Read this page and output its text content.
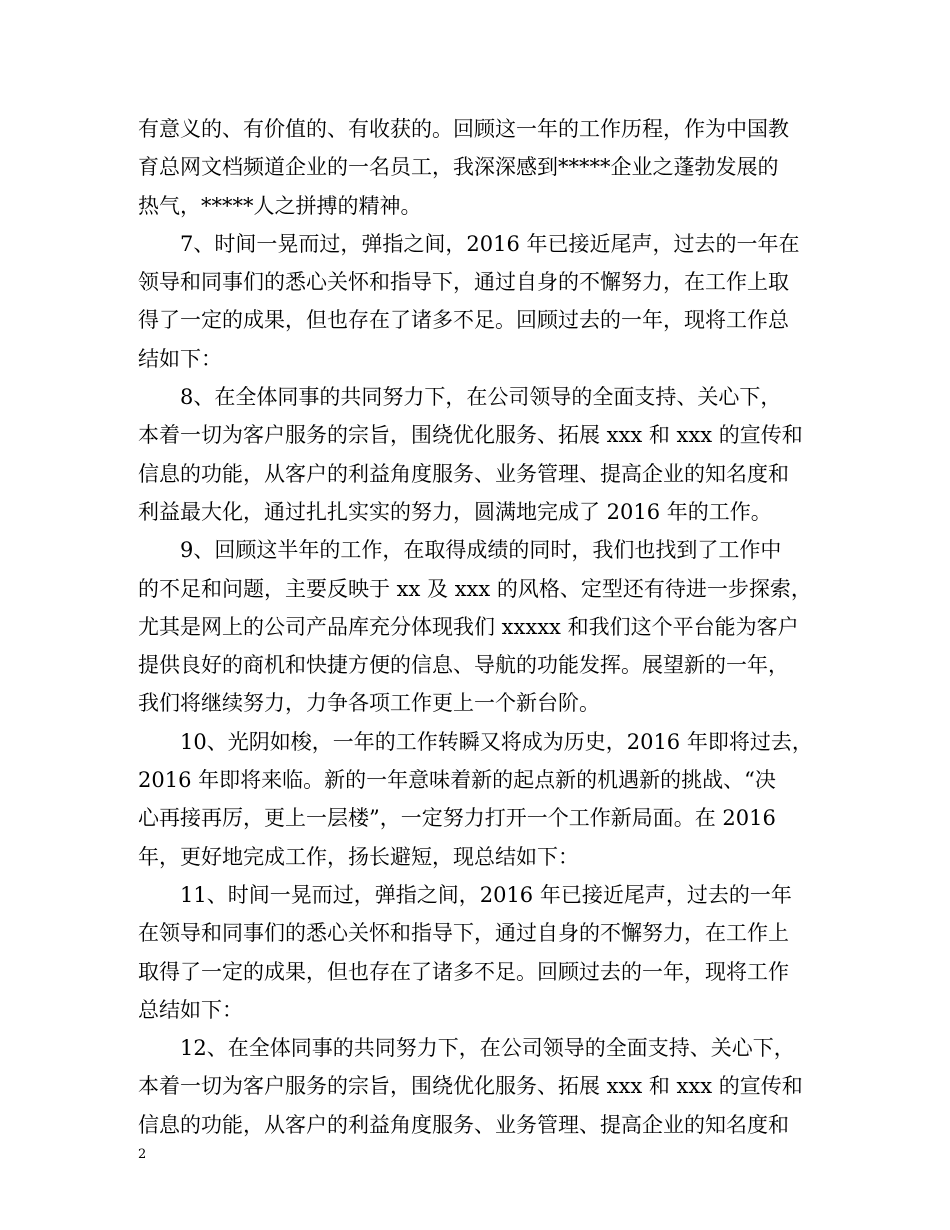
有意义的、有价值的、有收获的。回顾这一年的工作历程，作为中国教
育总网文档频道企业的一名员工，我深深感到*****企业之蓬勃发展的
热气，*****人之拼搏的精神。
7、时间一晃而过，弹指之间，2016 年已接近尾声，过去的一年在
领导和同事们的悉心关怀和指导下，通过自身的不懈努力，在工作上取
得了一定的成果，但也存在了诸多不足。回顾过去的一年，现将工作总
结如下：
8、在全体同事的共同努力下，在公司领导的全面支持、关心下，
本着一切为客户服务的宗旨，围绕优化服务、拓展 xxx 和 xxx 的宣传和
信息的功能，从客户的利益角度服务、业务管理、提高企业的知名度和
利益最大化，通过扎扎实实的努力，圆满地完成了 2016 年的工作。
9、回顾这半年的工作，在取得成绩的同时，我们也找到了工作中
的不足和问题，主要反映于 xx 及 xxx 的风格、定型还有待进一步探索，
尤其是网上的公司产品库充分体现我们 xxxxx 和我们这个平台能为客户
提供良好的商机和快捷方便的信息、导航的功能发挥。展望新的一年，
我们将继续努力，力争各项工作更上一个新台阶。
10、光阴如梭，一年的工作转瞬又将成为历史，2016 年即将过去，
2016 年即将来临。新的一年意味着新的起点新的机遇新的挑战、“决
心再接再厉，更上一层楼”，一定努力打开一个工作新局面。在 2016
年，更好地完成工作，扬长避短，现总结如下：
11、时间一晃而过，弹指之间，2016 年已接近尾声，过去的一年
在领导和同事们的悉心关怀和指导下，通过自身的不懈努力，在工作上
取得了一定的成果，但也存在了诸多不足。回顾过去的一年，现将工作
总结如下：
12、在全体同事的共同努力下，在公司领导的全面支持、关心下，
本着一切为客户服务的宗旨，围绕优化服务、拓展 xxx 和 xxx 的宣传和
信息的功能，从客户的利益角度服务、业务管理、提高企业的知名度和
2
